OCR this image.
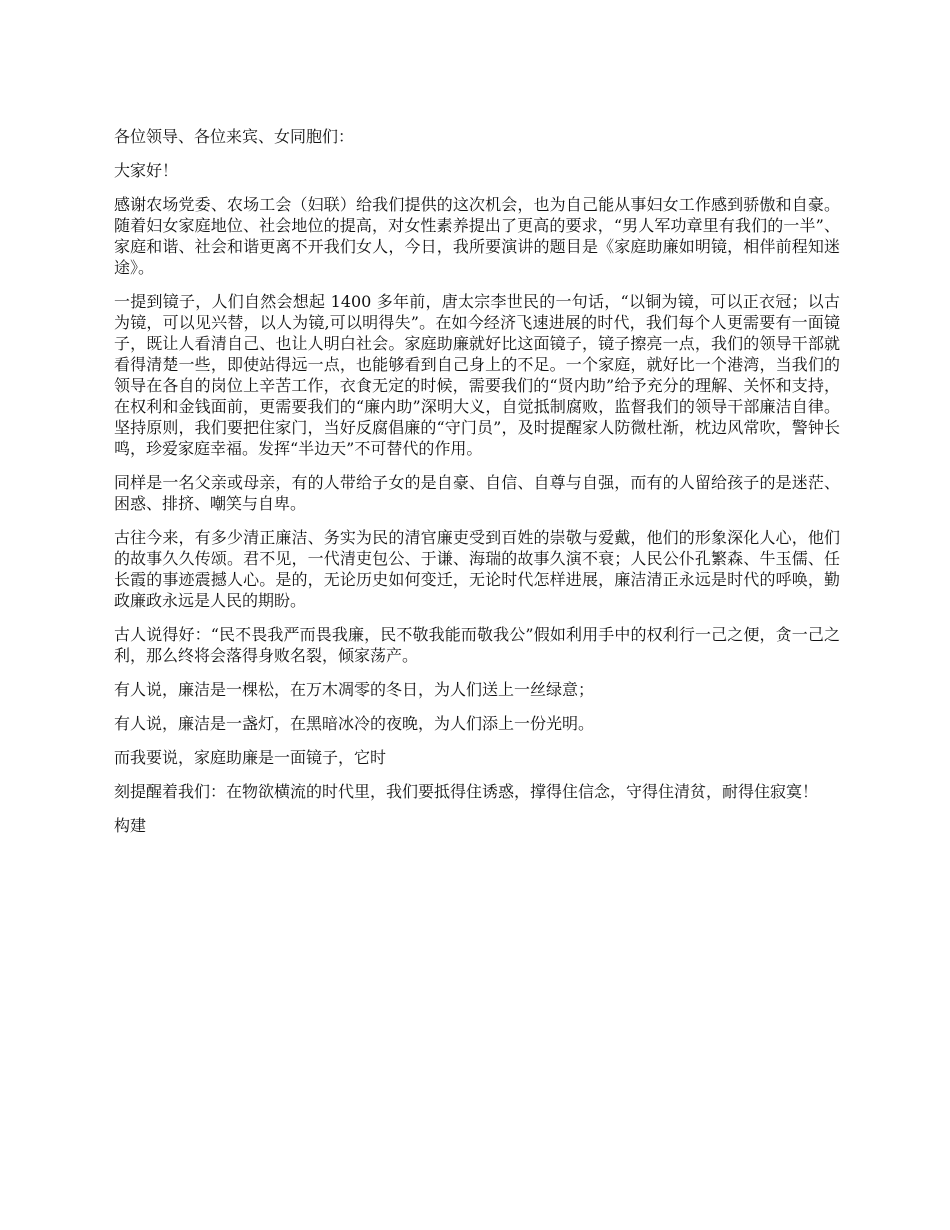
各位领导、各位来宾、女同胞们：

大家好！

感谢农场党委、农场工会（妇联）给我们提供的这次机会，也为自己能从事妇女工作感到骄傲和自豪。随着妇女家庭地位、社会地位的提高，对女性素养提出了更高的要求，“男人军功章里有我们的一半”、家庭和谐、社会和谐更离不开我们女人，今日，我所要演讲的题目是《家庭助廉如明镜，相伴前程知迷途》。

一提到镜子，人们自然会想起 1400 多年前，唐太宗李世民的一句话，“以铜为镜，可以正衣冠；以古为镜，可以见兴替，以人为镜,可以明得失”。在如今经济飞速进展的时代，我们每个人更需要有一面镜子，既让人看清自己、也让人明白社会。家庭助廉就好比这面镜子，镜子擦亮一点，我们的领导干部就看得清楚一些，即使站得远一点，也能够看到自己身上的不足。一个家庭，就好比一个港湾，当我们的领导在各自的岗位上辛苦工作，衣食无定的时候，需要我们的“贤内助”给予充分的理解、关怀和支持，在权利和金钱面前，更需要我们的“廉内助”深明大义，自觉抵制腐败，监督我们的领导干部廉洁自律。坚持原则，我们要把住家门，当好反腐倡廉的“守门员”，及时提醒家人防微杜渐，枕边风常吹，警钟长鸣，珍爱家庭幸福。发挥“半边天”不可替代的作用。

同样是一名父亲或母亲，有的人带给子女的是自豪、自信、自尊与自强，而有的人留给孩子的是迷茫、困惑、排挤、嘲笑与自卑。

古往今来，有多少清正廉洁、务实为民的清官廉吏受到百姓的崇敬与爱戴，他们的形象深化人心，他们的故事久久传颂。君不见，一代清吏包公、于谦、海瑞的故事久演不衰；人民公仆孔繁森、牛玉儒、任长霞的事迹震撼人心。是的，无论历史如何变迁，无论时代怎样进展，廉洁清正永远是时代的呼唤，勤政廉政永远是人民的期盼。

古人说得好：“民不畏我严而畏我廉，民不敬我能而敬我公”假如利用手中的权利行一己之便，贪一己之利，那么终将会落得身败名裂，倾家荡产。

有人说，廉洁是一棵松，在万木凋零的冬日，为人们送上一丝绿意；

有人说，廉洁是一盏灯，在黑暗冰冷的夜晚，为人们添上一份光明。

而我要说，家庭助廉是一面镜子，它时

刻提醒着我们：在物欲横流的时代里，我们要抵得住诱惑，撑得住信念，守得住清贫，耐得住寂寞！

构建
